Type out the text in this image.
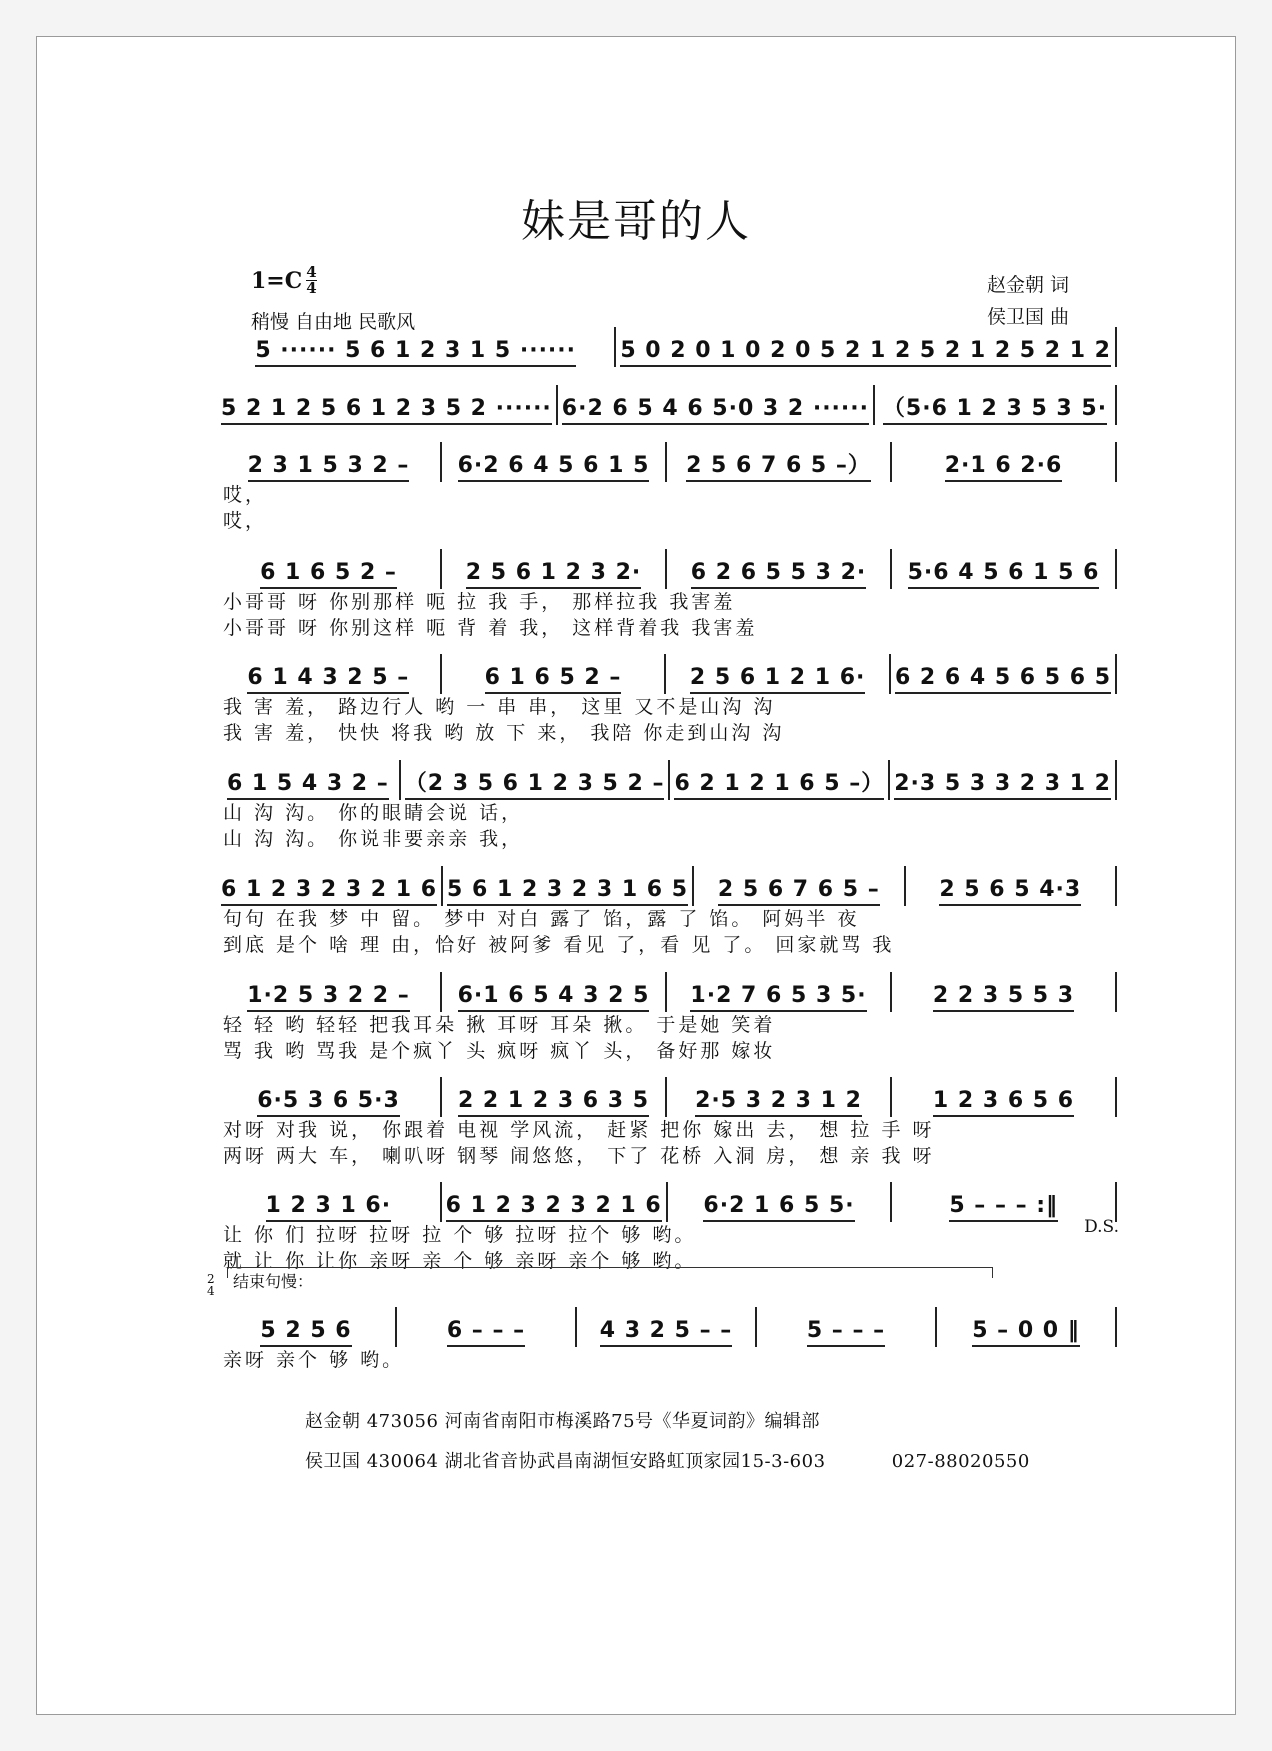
妹是哥的人
1=C 4
4
稍慢 自由地 民歌风
赵金朝 词
侯卫国 曲
5 ······ 5 6 1 2 3 1 5 ······ 5 0 2 0 1 0 2 0 5 2 1 2 5 2 1 2 5 2 1 2
5 2 1 2 5 6 1 2 3 5 2 ······ 6·2 6 5 4 6 5·0 3 2 ······ （5·6 1 2 3 5 3 5·
2 3 1 5 3 2 – 6·2 6 4 5 6 1 5 2 5 6 7 6 5 –）	2·1 6 2·6
哎，
哎，
6 1 6 5 2 –	2 5 6 1 2 3 2· 6 2 6 5 5 3 2· 5·6 4 5 6 1 5 6
小哥哥 呀 你别那样 呃 拉 我 手， 那样拉我 我害羞
小哥哥 呀 你别这样 呃 背 着 我， 这样背着我 我害羞
6 1 4 3 2 5 –	6 1 6 5 2 –	2 5 6 1 2 1 6· 6 2 6 4 5 6 5 6 5
我 害 羞， 路边行人 哟 一 串 串， 这里 又不是山沟 沟
我 害 羞， 快快 将我 哟 放 下 来， 我陪 你走到山沟 沟
6 1 5 4 3 2 – （2 3 5 6 1 2 3 5 2 – 6 2 1 2 1 6 5 –） 2·3 5 3 3 2 3 1 2
山 沟 沟。 你的眼睛会说 话，
山 沟 沟。 你说非要亲亲 我，
6 1 2 3 2 3 2 1 6 5 6 1 2 3 2 3 1 6 5 2 5 6 7 6 5 –	2 5 6 5 4·3
句句 在我 梦 中 留。 梦中 对白 露了 馅，露 了 馅。 阿妈半 夜
到底 是个 啥 理 由，恰好 被阿爹 看见 了，看 见 了。 回家就骂 我
1·2 5 3 2 2 – 6·1 6 5 4 3 2 5 1·2 7 6 5 3 5·	2 2 3 5 5 3
轻 轻 哟 轻轻 把我耳朵 揪 耳呀 耳朵 揪。 于是她 笑着
骂 我 哟 骂我 是个疯丫 头 疯呀 疯丫 头， 备好那 嫁妆
6·5 3 6 5·3	2 2 1 2 3 6 3 5 2·5 3 2 3 1 2	1 2 3 6 5 6
对呀 对我 说， 你跟着 电视 学风流， 赶紧 把你 嫁出 去， 想 拉 手 呀
两呀 两大 车， 喇叭呀 钢琴 闹悠悠， 下了 花桥 入洞 房， 想 亲 我 呀
1 2 3 1 6· 6 1 2 3 2 3 2 1 6 6·2 1 6 5 5·	5 – – – :‖
让 你 们 拉呀 拉呀 拉 个 够 拉呀 拉个 够 哟。
就 让 你 让你 亲呀 亲 个 够 亲呀 亲个 够 哟。
D.S.
2
4 结束句慢：
5 2 5 6	6 – – –	4 3 2 5 – –	5 – – –	5 – 0 0 ‖
亲呀 亲个 够 哟。
赵金朝 473056 河南省南阳市梅溪路75号《华夏词韵》编辑部
侯卫国 430064 湖北省音协武昌南湖恒安路虹顶家园15-3-603	027-88020550
